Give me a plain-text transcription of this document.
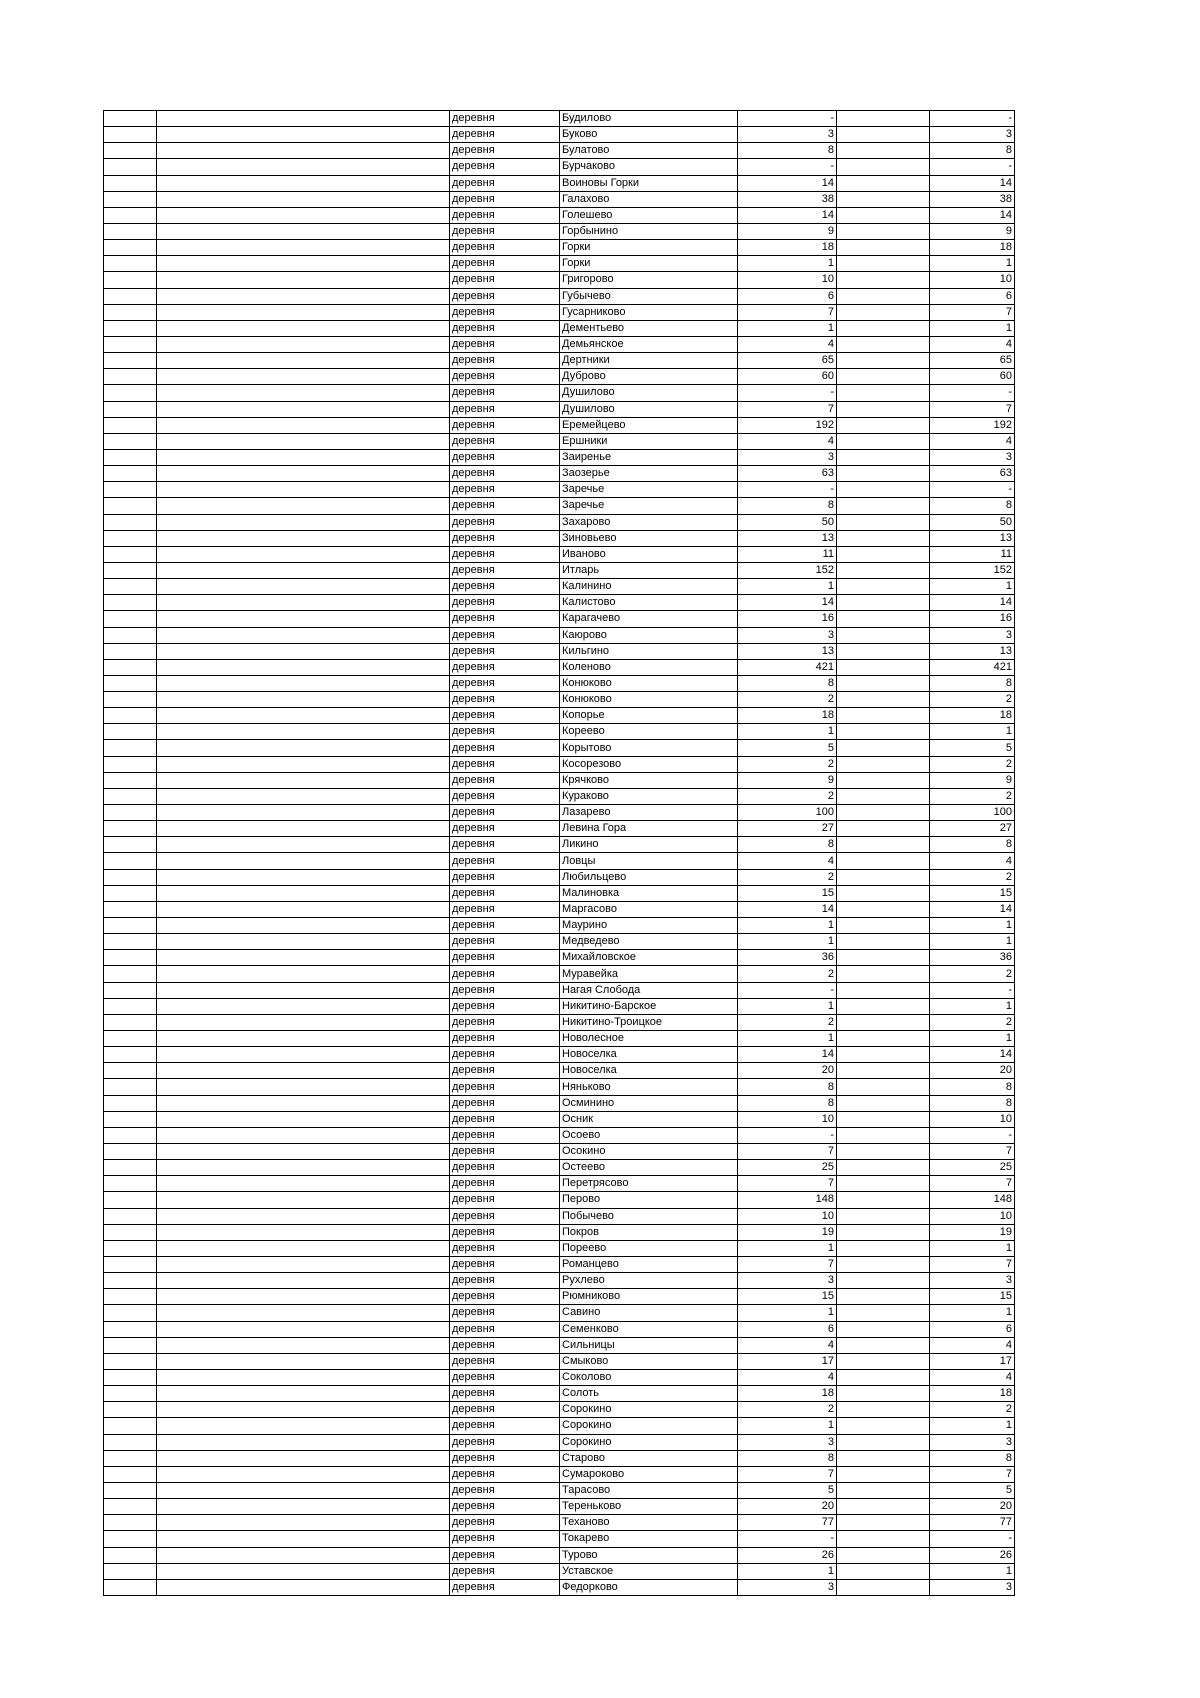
		деревня	Будилово	-		-
		деревня	Буково	3		3
		деревня	Булатово	8		8
		деревня	Бурчаково	-		-
		деревня	Воиновы Горки	14		14
		деревня	Галахово	38		38
		деревня	Голешево	14		14
		деревня	Горбынино	9		9
		деревня	Горки	18		18
		деревня	Горки	1		1
		деревня	Григорово	10		10
		деревня	Губычево	6		6
		деревня	Гусарниково	7		7
		деревня	Дементьево	1		1
		деревня	Демьянское	4		4
		деревня	Дертники	65		65
		деревня	Дуброво	60		60
		деревня	Душилово	-		-
		деревня	Душилово	7		7
		деревня	Еремейцево	192		192
		деревня	Ершники	4		4
		деревня	Заиренье	3		3
		деревня	Заозерье	63		63
		деревня	Заречье	-		-
		деревня	Заречье	8		8
		деревня	Захарово	50		50
		деревня	Зиновьево	13		13
		деревня	Иваново	11		11
		деревня	Итларь	152		152
		деревня	Калинино	1		1
		деревня	Калистово	14		14
		деревня	Карагачево	16		16
		деревня	Каюрово	3		3
		деревня	Кильгино	13		13
		деревня	Коленово	421		421
		деревня	Конюково	8		8
		деревня	Конюково	2		2
		деревня	Копорье	18		18
		деревня	Кореево	1		1
		деревня	Корытово	5		5
		деревня	Косорезово	2		2
		деревня	Крячково	9		9
		деревня	Кураково	2		2
		деревня	Лазарево	100		100
		деревня	Левина Гора	27		27
		деревня	Ликино	8		8
		деревня	Ловцы	4		4
		деревня	Любильцево	2		2
		деревня	Малиновка	15		15
		деревня	Маргасово	14		14
		деревня	Маурино	1		1
		деревня	Медведево	1		1
		деревня	Михайловское	36		36
		деревня	Муравейка	2		2
		деревня	Нагая Слобода	-		-
		деревня	Никитино-Барское	1		1
		деревня	Никитино-Троицкое	2		2
		деревня	Новолесное	1		1
		деревня	Новоселка	14		14
		деревня	Новоселка	20		20
		деревня	Няньково	8		8
		деревня	Осминино	8		8
		деревня	Осник	10		10
		деревня	Осоево	-		-
		деревня	Осокино	7		7
		деревня	Остеево	25		25
		деревня	Перетрясово	7		7
		деревня	Перово	148		148
		деревня	Побычево	10		10
		деревня	Покров	19		19
		деревня	Пореево	1		1
		деревня	Романцево	7		7
		деревня	Рухлево	3		3
		деревня	Рюмниково	15		15
		деревня	Савино	1		1
		деревня	Семенково	6		6
		деревня	Сильницы	4		4
		деревня	Смыково	17		17
		деревня	Соколово	4		4
		деревня	Солоть	18		18
		деревня	Сорокино	2		2
		деревня	Сорокино	1		1
		деревня	Сорокино	3		3
		деревня	Старово	8		8
		деревня	Сумароково	7		7
		деревня	Тарасово	5		5
		деревня	Тереньково	20		20
		деревня	Теханово	77		77
		деревня	Токарево	-		-
		деревня	Турово	26		26
		деревня	Уставское	1		1
		деревня	Федорково	3		3
